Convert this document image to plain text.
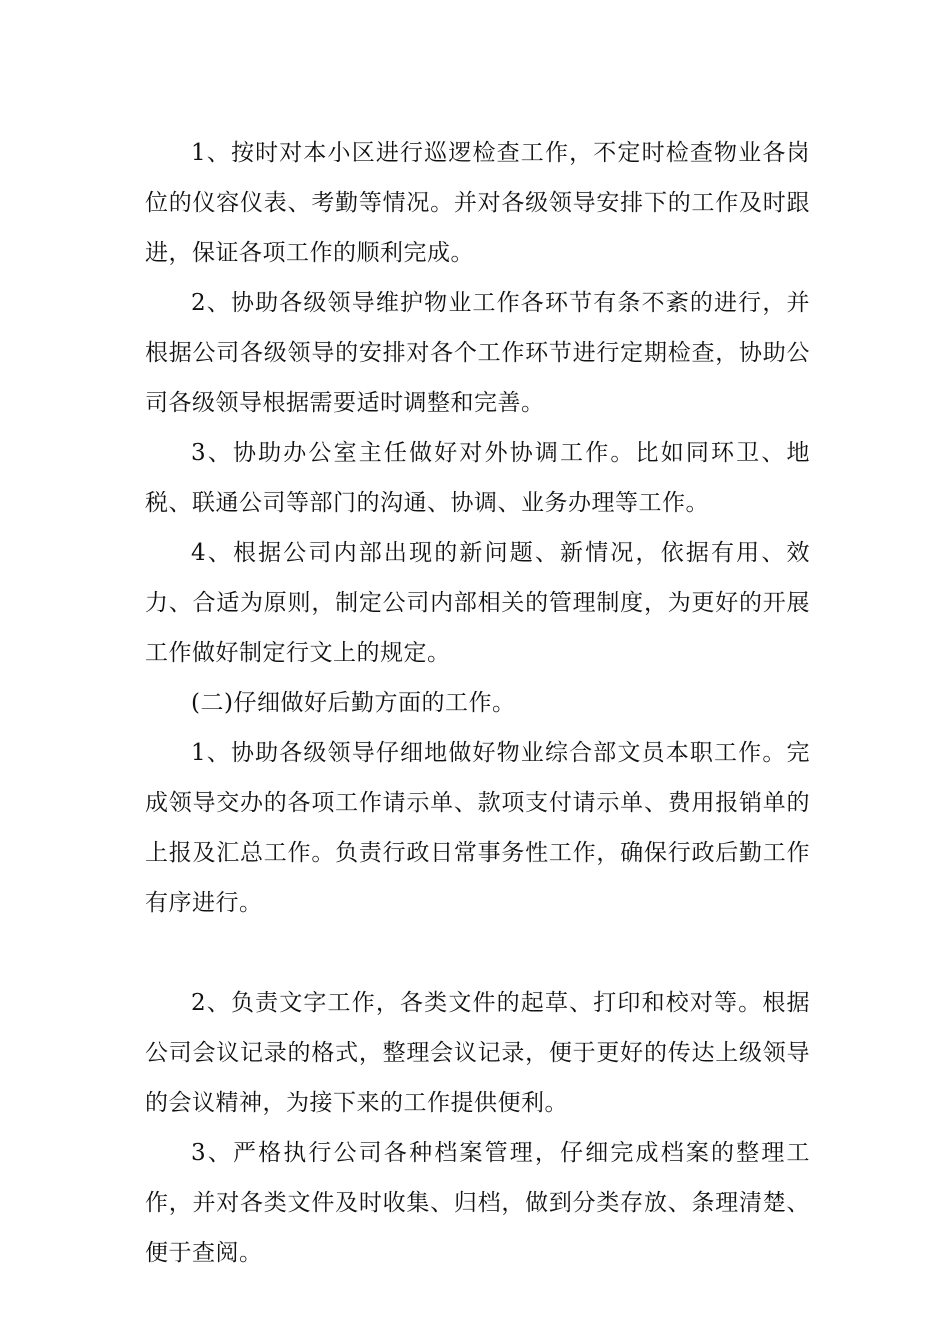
1、按时对本小区进行巡逻检查工作，不定时检查物业各岗位的仪容仪表、考勤等情况。并对各级领导安排下的工作及时跟进，保证各项工作的顺利完成。

2、协助各级领导维护物业工作各环节有条不紊的进行，并根据公司各级领导的安排对各个工作环节进行定期检查，协助公司各级领导根据需要适时调整和完善。

3、协助办公室主任做好对外协调工作。比如同环卫、地税、联通公司等部门的沟通、协调、业务办理等工作。

4、根据公司内部出现的新问题、新情况，依据有用、效力、合适为原则，制定公司内部相关的管理制度，为更好的开展工作做好制定行文上的规定。

(二)仔细做好后勤方面的工作。

1、协助各级领导仔细地做好物业综合部文员本职工作。完成领导交办的各项工作请示单、款项支付请示单、费用报销单的上报及汇总工作。负责行政日常事务性工作，确保行政后勤工作有序进行。

2、负责文字工作，各类文件的起草、打印和校对等。根据公司会议记录的格式，整理会议记录，便于更好的传达上级领导的会议精神，为接下来的工作提供便利。

3、严格执行公司各种档案管理，仔细完成档案的整理工作，并对各类文件及时收集、归档，做到分类存放、条理清楚、便于查阅。
